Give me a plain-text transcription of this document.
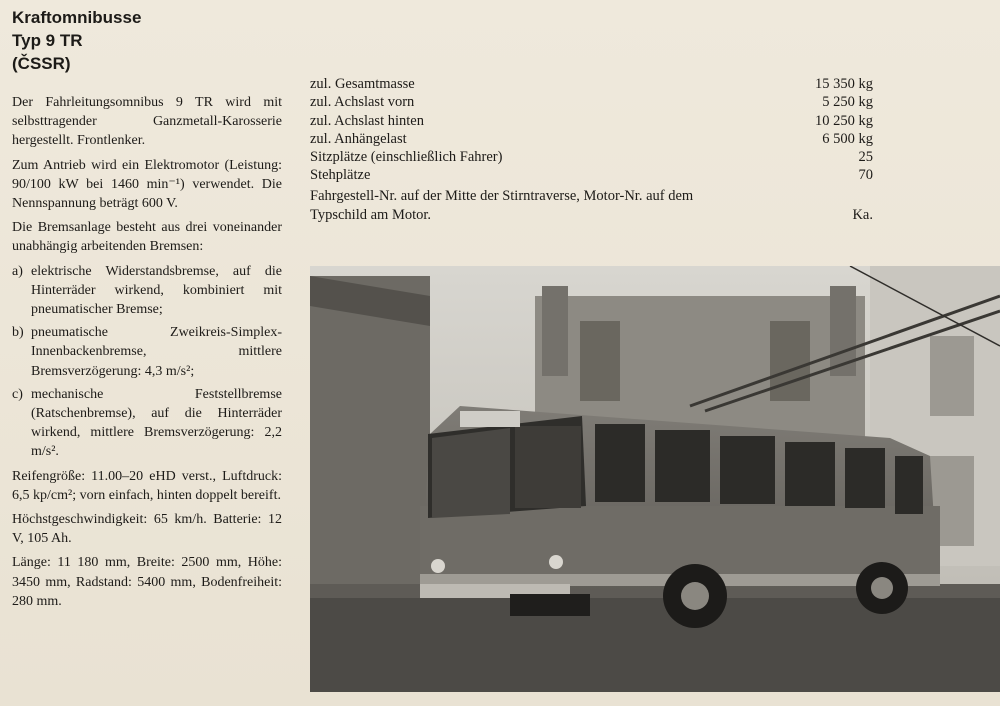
Kraftomnibusse
Typ 9 TR
(ČSSR)

Der Fahrleitungsomnibus 9 TR wird mit selbsttragender Ganzmetall-Karosserie hergestellt. Frontlenker.

Zum Antrieb wird ein Elektromotor (Leistung: 90/100 kW bei 1460 min⁻¹) verwendet. Die Nennspannung beträgt 600 V.

Die Bremsanlage besteht aus drei voneinander unabhängig arbeitenden Bremsen:

a) elektrische Widerstandsbremse, auf die Hinterräder wirkend, kombiniert mit pneumatischer Bremse;
b) pneumatische Zweikreis-Simplex-Innenbackenbremse, mittlere Bremsverzögerung: 4,3 m/s²;
c) mechanische Feststellbremse (Ratschenbremse), auf die Hinterräder wirkend, mittlere Bremsverzögerung: 2,2 m/s².

Reifengröße: 11.00–20 eHD verst., Luftdruck: 6,5 kp/cm²; vorn einfach, hinten doppelt bereift.

Höchstgeschwindigkeit: 65 km/h. Batterie: 12 V, 105 Ah.

Länge: 11 180 mm, Breite: 2500 mm, Höhe: 3450 mm, Radstand: 5400 mm, Bodenfreiheit: 280 mm.

zul. Gesamtmasse	15 350 kg
zul. Achslast vorn	5 250 kg
zul. Achslast hinten	10 250 kg
zul. Anhängelast	6 500 kg
Sitzplätze (einschließlich Fahrer)	25
Stehplätze	70
Fahrgestell-Nr. auf der Mitte der Stirntraverse, Motor-Nr. auf dem
Typschild am Motor.	Ka.
